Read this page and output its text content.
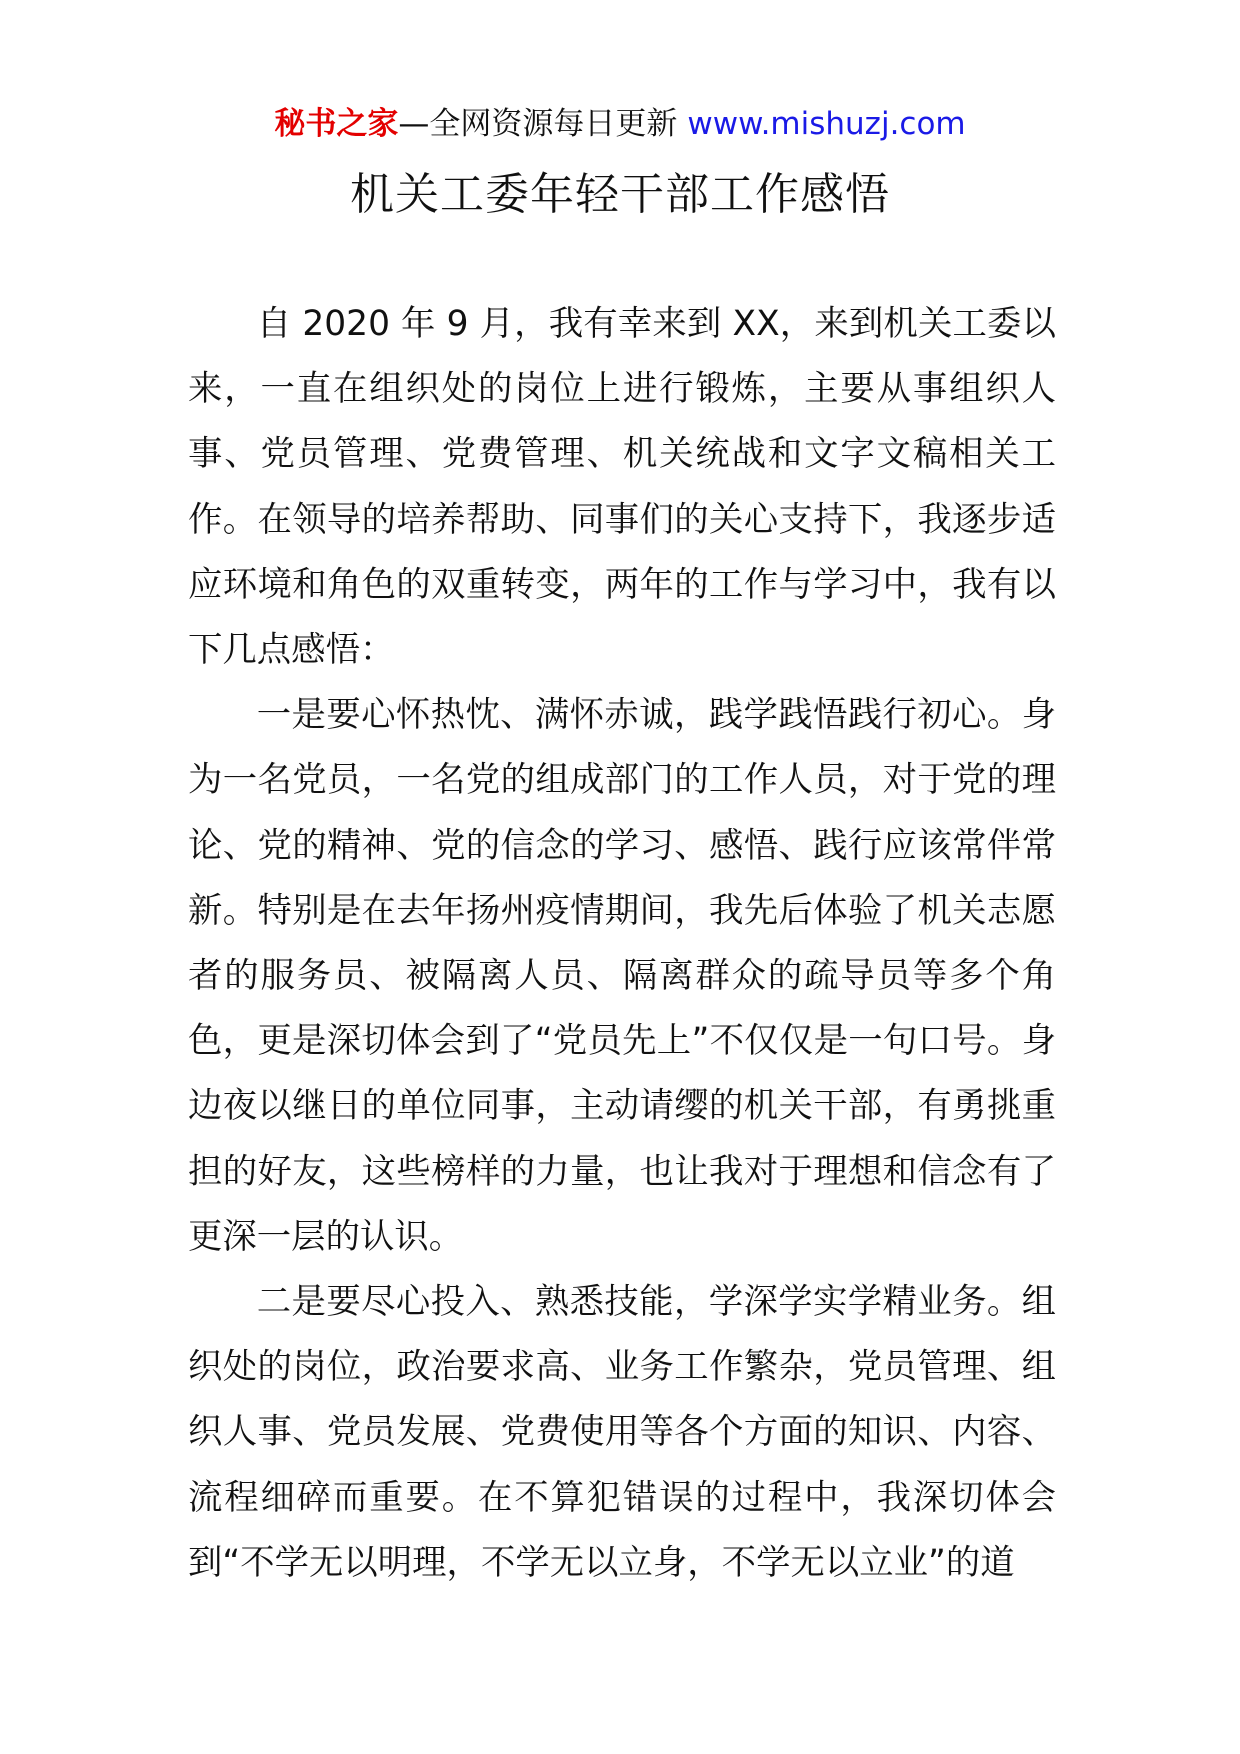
秘书之家—全网资源每日更新 www.mishuzj.com
机关工委年轻干部工作感悟

自 2020 年 9 月，我有幸来到 XX，来到机关工委以来，一直在组织处的岗位上进行锻炼，主要从事组织人事、党员管理、党费管理、机关统战和文字文稿相关工作。在领导的培养帮助、同事们的关心支持下，我逐步适应环境和角色的双重转变，两年的工作与学习中，我有以下几点感悟：

一是要心怀热忱、满怀赤诚，践学践悟践行初心。身为一名党员，一名党的组成部门的工作人员，对于党的理论、党的精神、党的信念的学习、感悟、践行应该常伴常新。特别是在去年扬州疫情期间，我先后体验了机关志愿者的服务员、被隔离人员、隔离群众的疏导员等多个角色，更是深切体会到了“党员先上”不仅仅是一句口号。身边夜以继日的单位同事，主动请缨的机关干部，有勇挑重担的好友，这些榜样的力量，也让我对于理想和信念有了更深一层的认识。

二是要尽心投入、熟悉技能，学深学实学精业务。组织处的岗位，政治要求高、业务工作繁杂，党员管理、组织人事、党员发展、党费使用等各个方面的知识、内容、流程细碎而重要。在不算犯错误的过程中，我深切体会到“不学无以明理，不学无以立身，不学无以立业”的道
